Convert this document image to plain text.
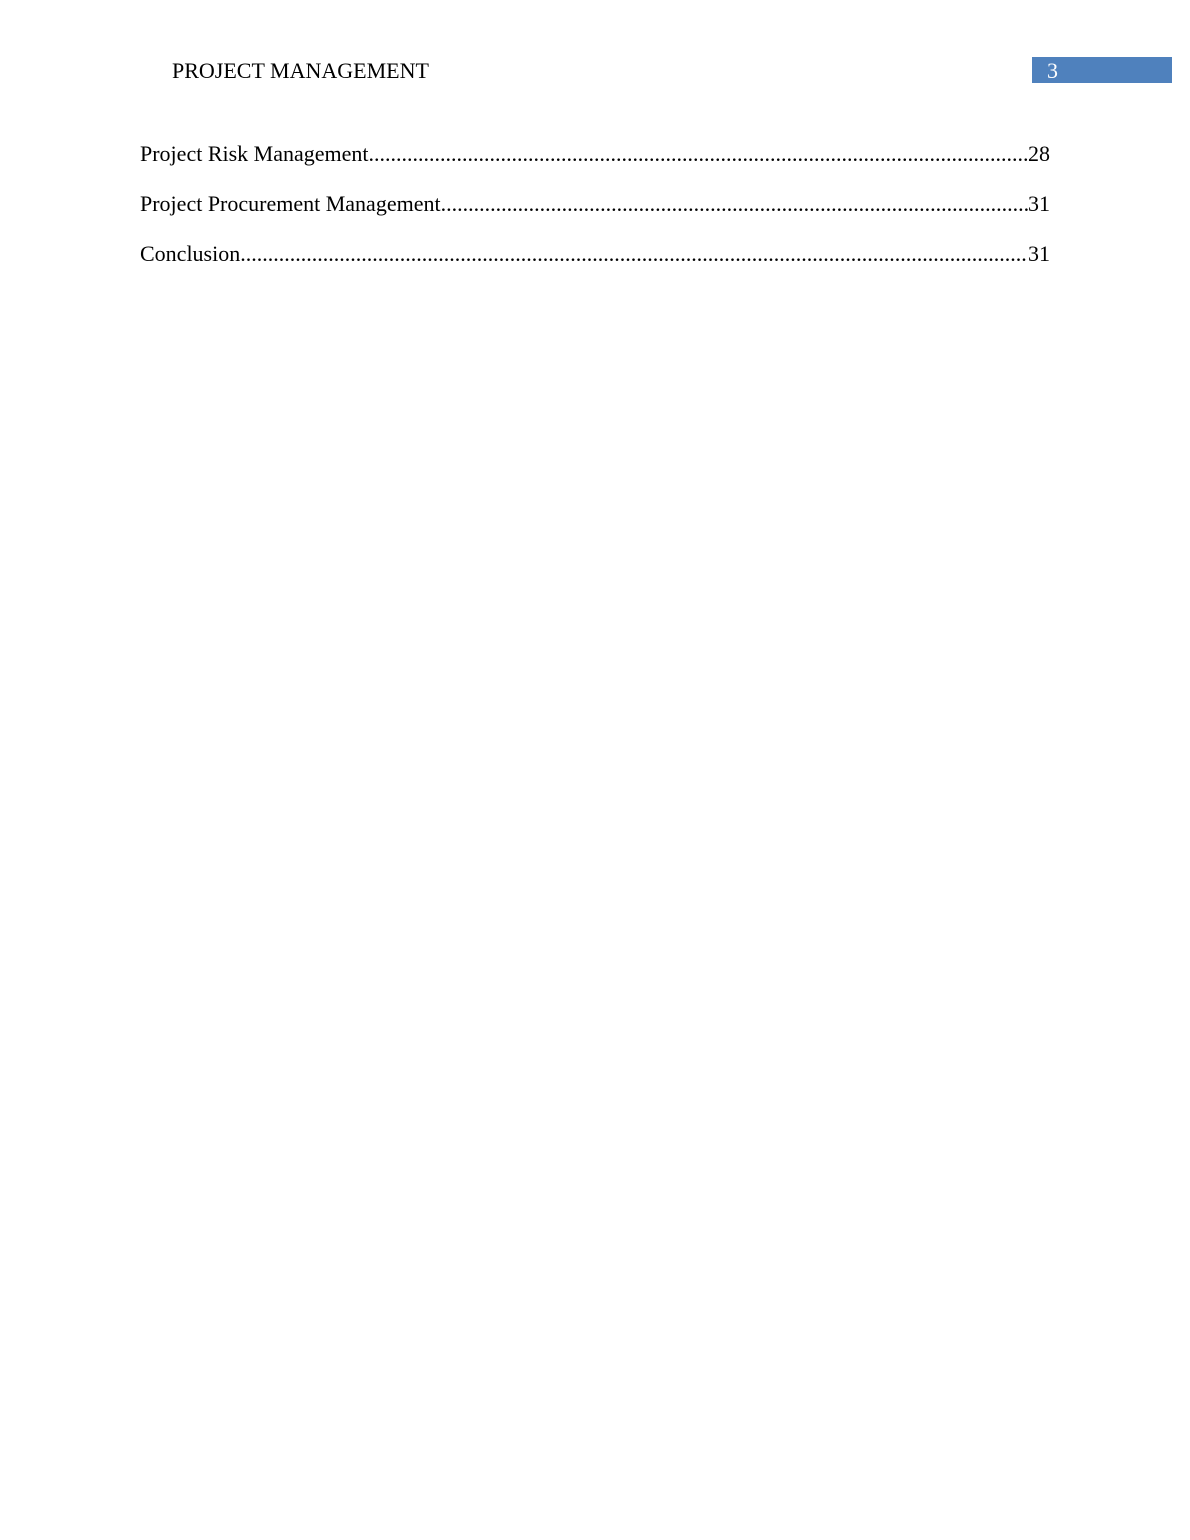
PROJECT MANAGEMENT	3
Project Risk Management .....	28
Project Procurement Management .....	31
Conclusion .....	31
